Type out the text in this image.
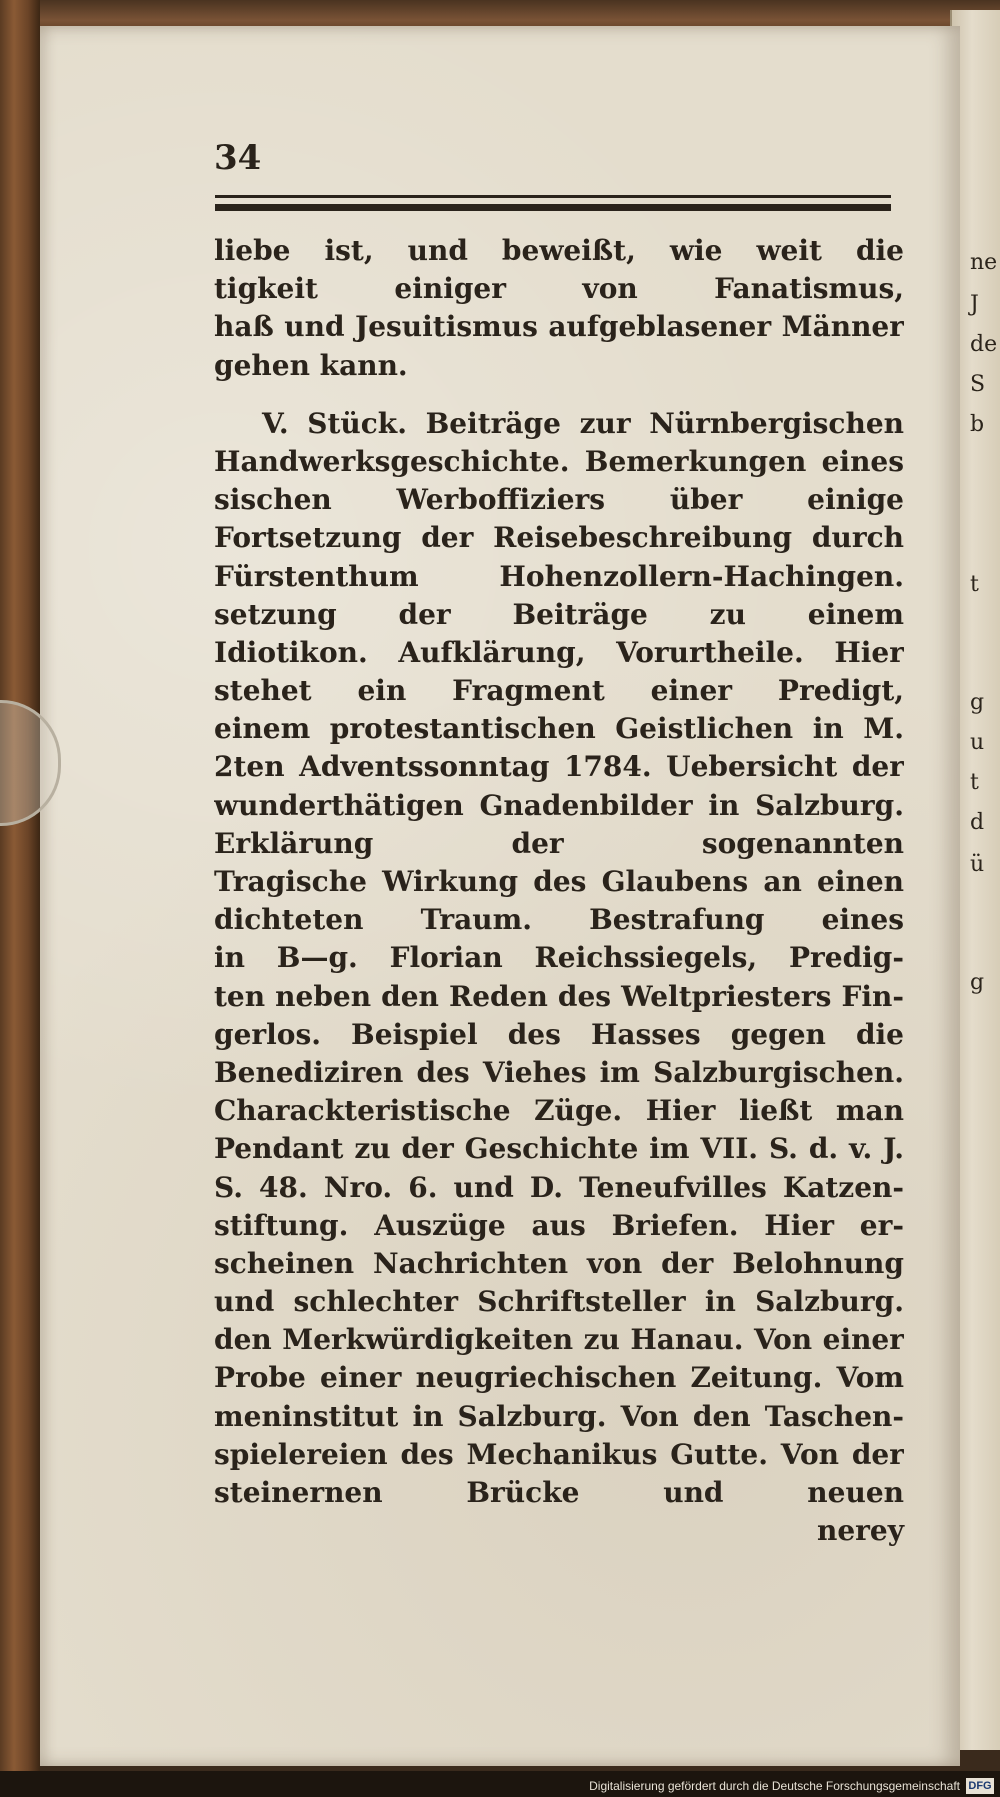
ne
J
de
S
b
t
g
u
t
d
ü
g
34
liebe ist, und beweißt, wie weit die
tigkeit einiger von Fanatismus,
haß und Jesuitismus aufgeblasener Männer
gehen kann.
V. Stück. Beiträge zur Nürnbergischen
Handwerksgeschichte. Bemerkungen eines
sischen Werboffiziers über einige
Fortsetzung der Reisebeschreibung durch
Fürstenthum Hohenzollern-Hachingen.
setzung der Beiträge zu einem
Idiotikon. Aufklärung, Vorurtheile. Hier
stehet ein Fragment einer Predigt,
einem protestantischen Geistlichen in M.
2ten Adventssonntag 1784. Uebersicht der
wunderthätigen Gnadenbilder in Salzburg.
Erklärung der sogenannten
Tragische Wirkung des Glaubens an einen
dichteten Traum. Bestrafung eines
in B—g. Florian Reichssiegels, Predig-
ten neben den Reden des Weltpriesters Fin-
gerlos. Beispiel des Hasses gegen die
Benediziren des Viehes im Salzburgischen.
Charackteristische Züge. Hier ließt man
Pendant zu der Geschichte im VII. S. d. v. J.
S. 48. Nro. 6. und D. Teneufvilles Katzen-
stiftung. Auszüge aus Briefen. Hier er-
scheinen Nachrichten von der Belohnung
und schlechter Schriftsteller in Salzburg.
den Merkwürdigkeiten zu Hanau. Von einer
Probe einer neugriechischen Zeitung. Vom
meninstitut in Salzburg. Von den Taschen-
spielereien des Mechanikus Gutte. Von der
steinernen Brücke und neuen
nerey
Digitalisierung gefördert durch die Deutsche Forschungsgemeinschaft DFG
